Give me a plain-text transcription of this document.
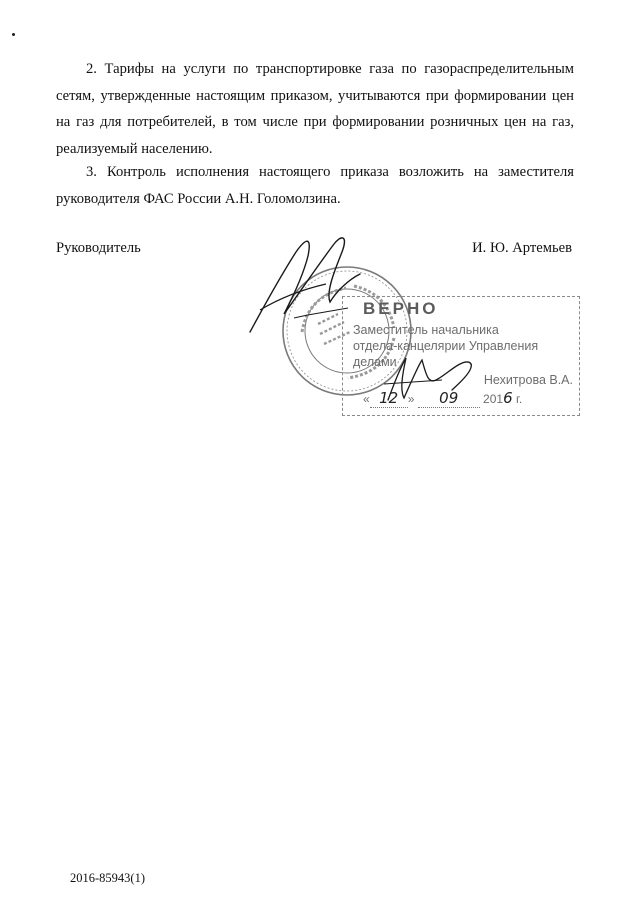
2. Тарифы на услуги по транспортировке газа по газораспределительным сетям, утвержденные настоящим приказом, учитываются при формировании цен на газ для потребителей, в том числе при формировании розничных цен на газ, реализуемый населению.

3. Контроль исполнения настоящего приказа возложить на заместителя руководителя ФАС России А.Н. Голомолзина.

Руководитель	И. Ю. Артемьев
ВЕРНО
Заместитель начальника
отдела-канцелярии Управления
делами
Нехитрова В.А.
« 12 » 09 2016 г.
2016-85943(1)
